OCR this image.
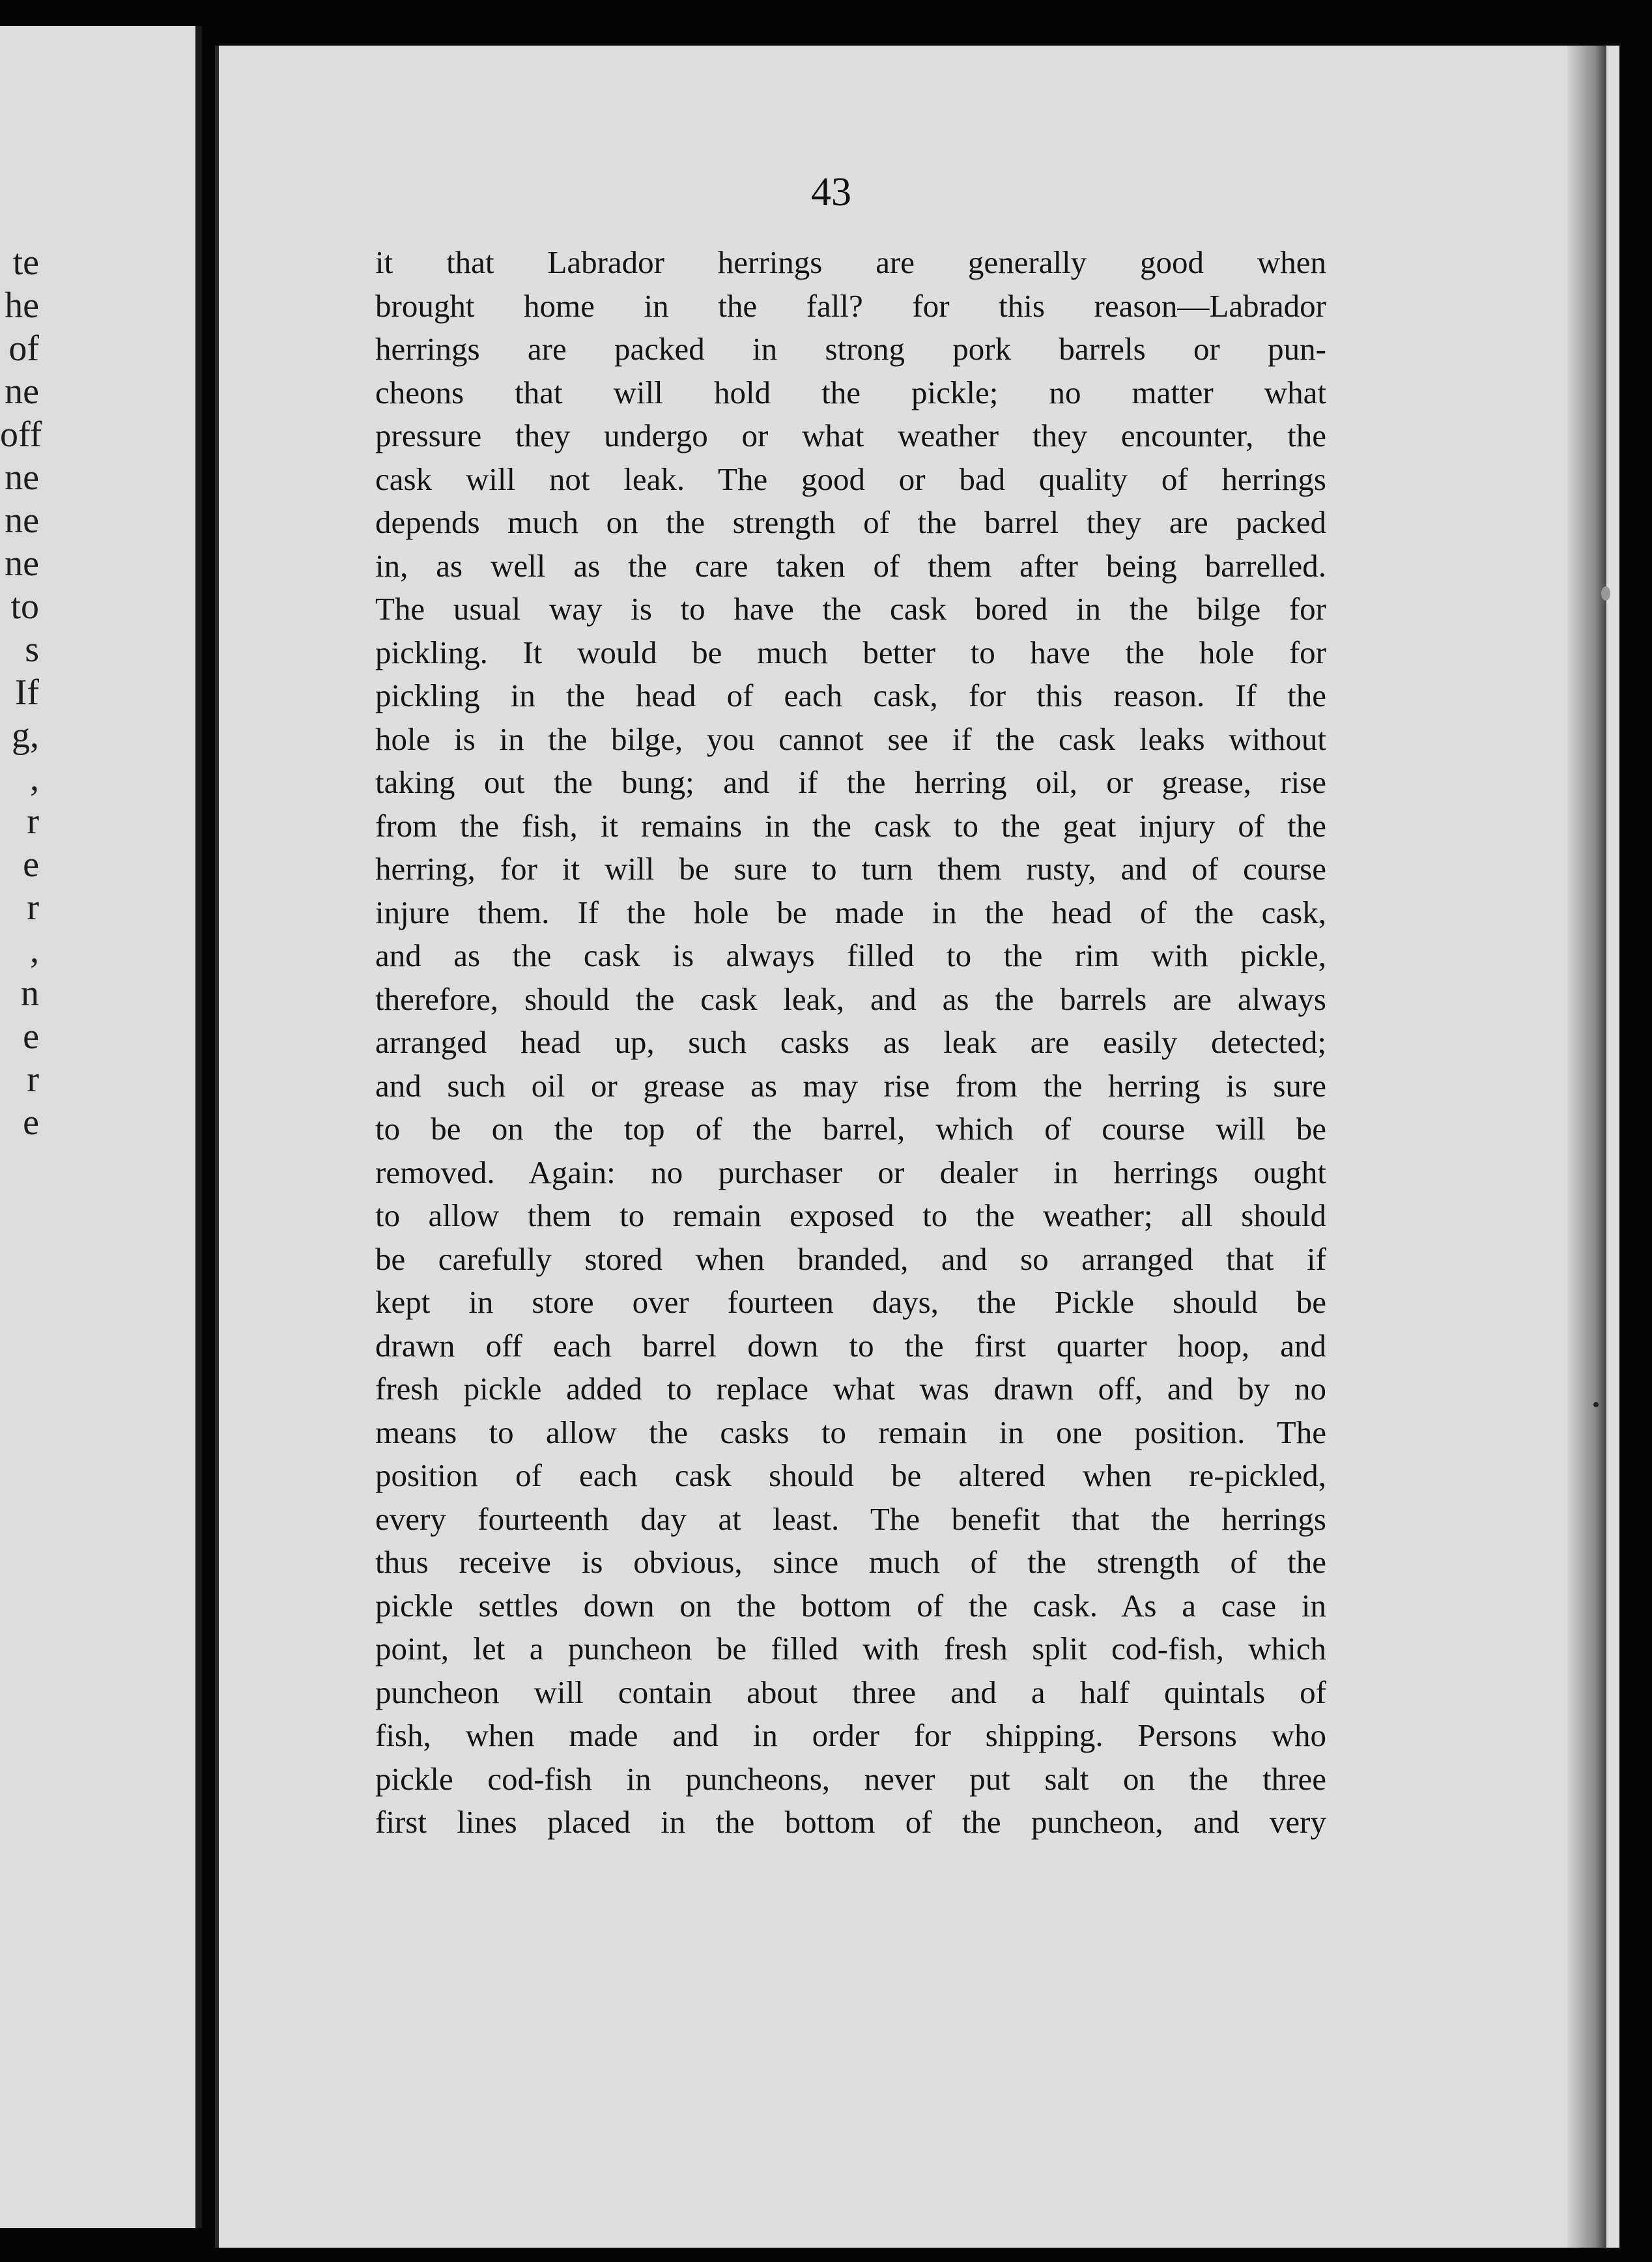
te
he
of
ne
off
ne
ne
ne
to
s
If
g,
,
r
e
r
,
n
e
r
e
43
it that Labrador herrings are generally good when
brought home in the fall? for this reason—Labrador
herrings are packed in strong pork barrels or pun-
cheons that will hold the pickle; no matter what
pressure they undergo or what weather they encounter, the
cask will not leak. The good or bad quality of herrings
depends much on the strength of the barrel they are packed
in, as well as the care taken of them after being barrelled.
The usual way is to have the cask bored in the bilge for
pickling. It would be much better to have the hole for
pickling in the head of each cask, for this reason. If the
hole is in the bilge, you cannot see if the cask leaks without
taking out the bung; and if the herring oil, or grease, rise
from the fish, it remains in the cask to the geat injury of the
herring, for it will be sure to turn them rusty, and of course
injure them. If the hole be made in the head of the cask,
and as the cask is always filled to the rim with pickle,
therefore, should the cask leak, and as the barrels are always
arranged head up, such casks as leak are easily detected;
and such oil or grease as may rise from the herring is sure
to be on the top of the barrel, which of course will be
removed. Again: no purchaser or dealer in herrings ought
to allow them to remain exposed to the weather; all should
be carefully stored when branded, and so arranged that if
kept in store over fourteen days, the Pickle should be
drawn off each barrel down to the first quarter hoop, and
fresh pickle added to replace what was drawn off, and by no
means to allow the casks to remain in one position. The
position of each cask should be altered when re-pickled,
every fourteenth day at least. The benefit that the herrings
thus receive is obvious, since much of the strength of the
pickle settles down on the bottom of the cask. As a case in
point, let a puncheon be filled with fresh split cod-fish, which
puncheon will contain about three and a half quintals of
fish, when made and in order for shipping. Persons who
pickle cod-fish in puncheons, never put salt on the three
first lines placed in the bottom of the puncheon, and very
